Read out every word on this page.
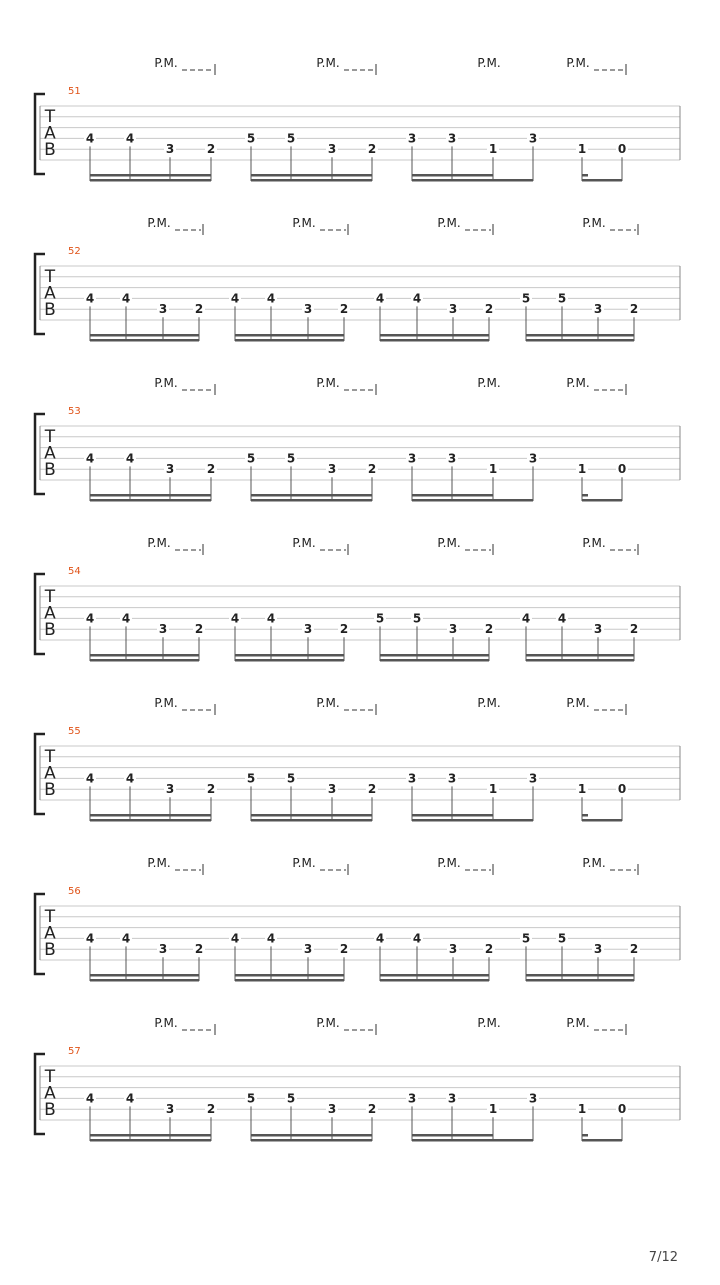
T
A
B
51
P.M.
4	4
3	2
P.M.
5	5
3	2
P.M.
3	3
1
3
P.M.
1	0
T
A
B
52
P.M.
4 4
3 2
P.M.
4 4
3 2
P.M.
4 4
3 2
P.M.
5 5
3 2
T
A
B
53
P.M.
4	4
3	2
P.M.
5	5
3	2
P.M.
3	3
1
3
P.M.
1	0
T
A
B
54
P.M.
4 4
3 2
P.M.
4 4
3 2
P.M.
5 5
3 2
P.M.
4 4
3 2
T
A
B
55
P.M.
4	4
3	2
P.M.
5	5
3	2
P.M.
3	3
1
3
P.M.
1	0
T
A
B
56
P.M.
4 4
3 2
P.M.
4 4
3 2
P.M.
4 4
3 2
P.M.
5 5
3 2
T
A
B
57
P.M.
4	4
3	2
P.M.
5	5
3	2
P.M.
3	3
1
3
P.M.
1	0
7/12
